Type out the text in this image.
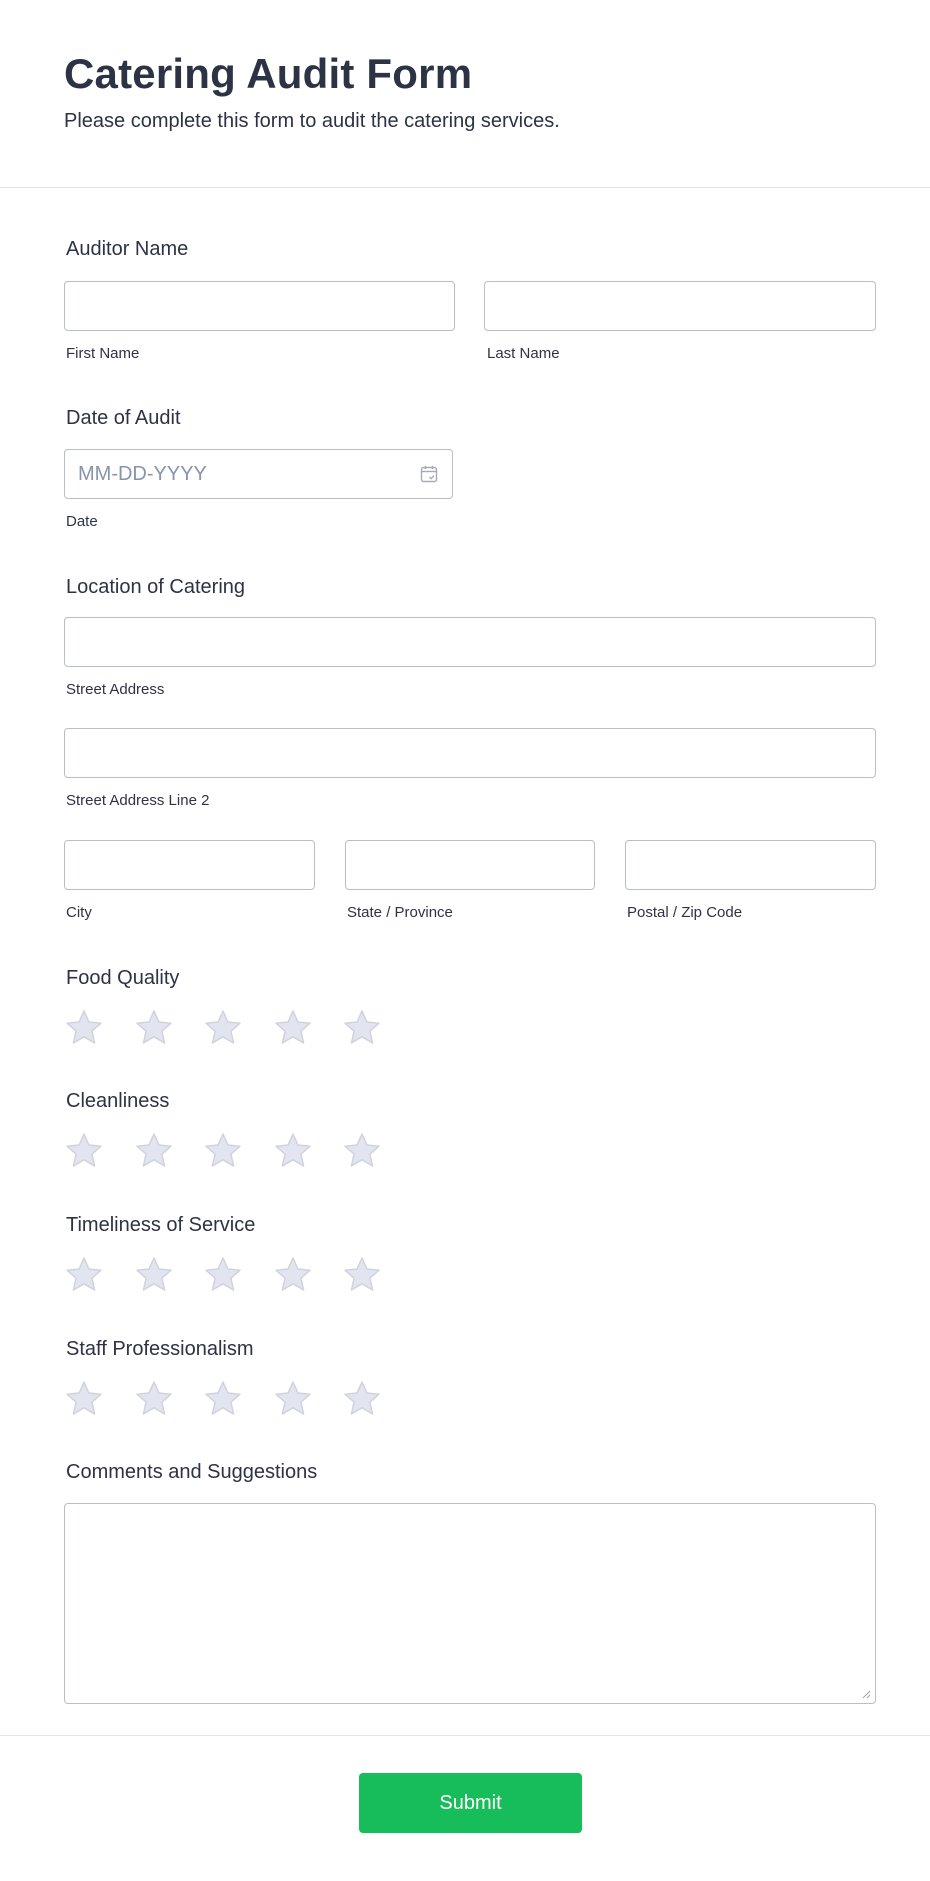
Catering Audit Form
Please complete this form to audit the catering services.
Auditor Name
First Name	Last Name
Date of Audit
MM-DD-YYYY
Date
Location of Catering
Street Address
Street Address Line 2
City	State / Province	Postal / Zip Code
Food Quality
Cleanliness
Timeliness of Service
Staff Professionalism
Comments and Suggestions
Submit
